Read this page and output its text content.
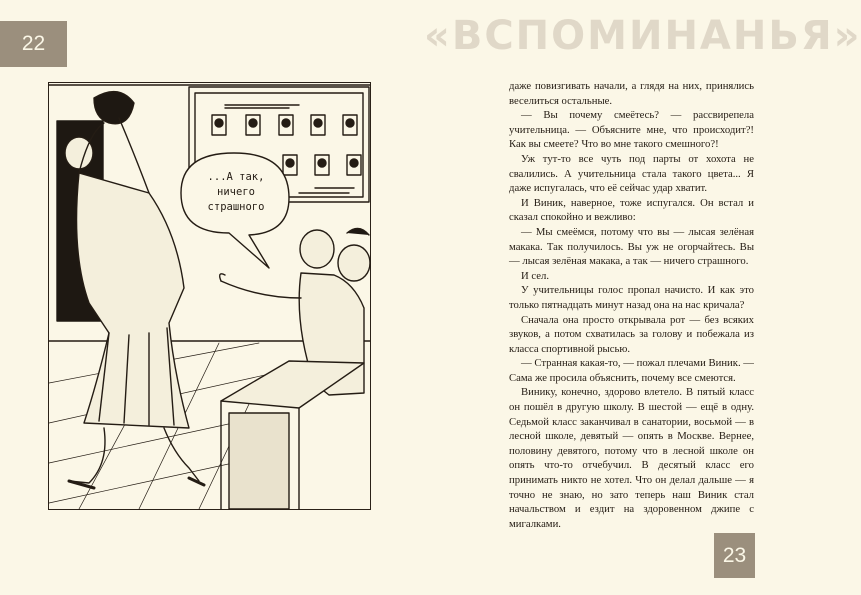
22	«ВСПОМИНАНЬЯ»
...А так, ничего страшного

даже повизгивать начали, а глядя на них, принялись веселиться остальные.

— Вы почему смеётесь? — рассвирепела учительница. — Объясните мне, что происходит?! Как вы смеете? Что во мне такого смешного?!

Уж тут-то все чуть под парты от хохота не свалились. А учительница стала такого цвета... Я даже испугалась, что её сейчас удар хватит.

И Виник, наверное, тоже испугался. Он встал и сказал спокойно и вежливо:

— Мы смеёмся, потому что вы — лысая зелёная макака. Так получилось. Вы уж не огорчайтесь. Вы — лысая зелёная макака, а так — ничего страшного.

И сел.

У учительницы голос пропал начисто. И как это только пятнадцать минут назад она на нас кричала?

Сначала она просто открывала рот — без всяких звуков, а потом схватилась за голову и побежала из класса спортивной рысью.

— Странная какая-то, — пожал плечами Виник. — Сама же просила объяснить, почему все смеются.

Винику, конечно, здорово влетело. В пятый класс он пошёл в другую школу. В шестой — ещё в одну. Седьмой класс заканчивал в санатории, восьмой — в лесной школе, девятый — опять в Москве. Вернее, половину девятого, потому что в лесной школе он опять что-то отчебучил. В десятый класс его принимать никто не хотел. Что он делал дальше — я точно не знаю, но зато теперь наш Виник стал начальством и ездит на здоровенном джипе с мигалками.

23
